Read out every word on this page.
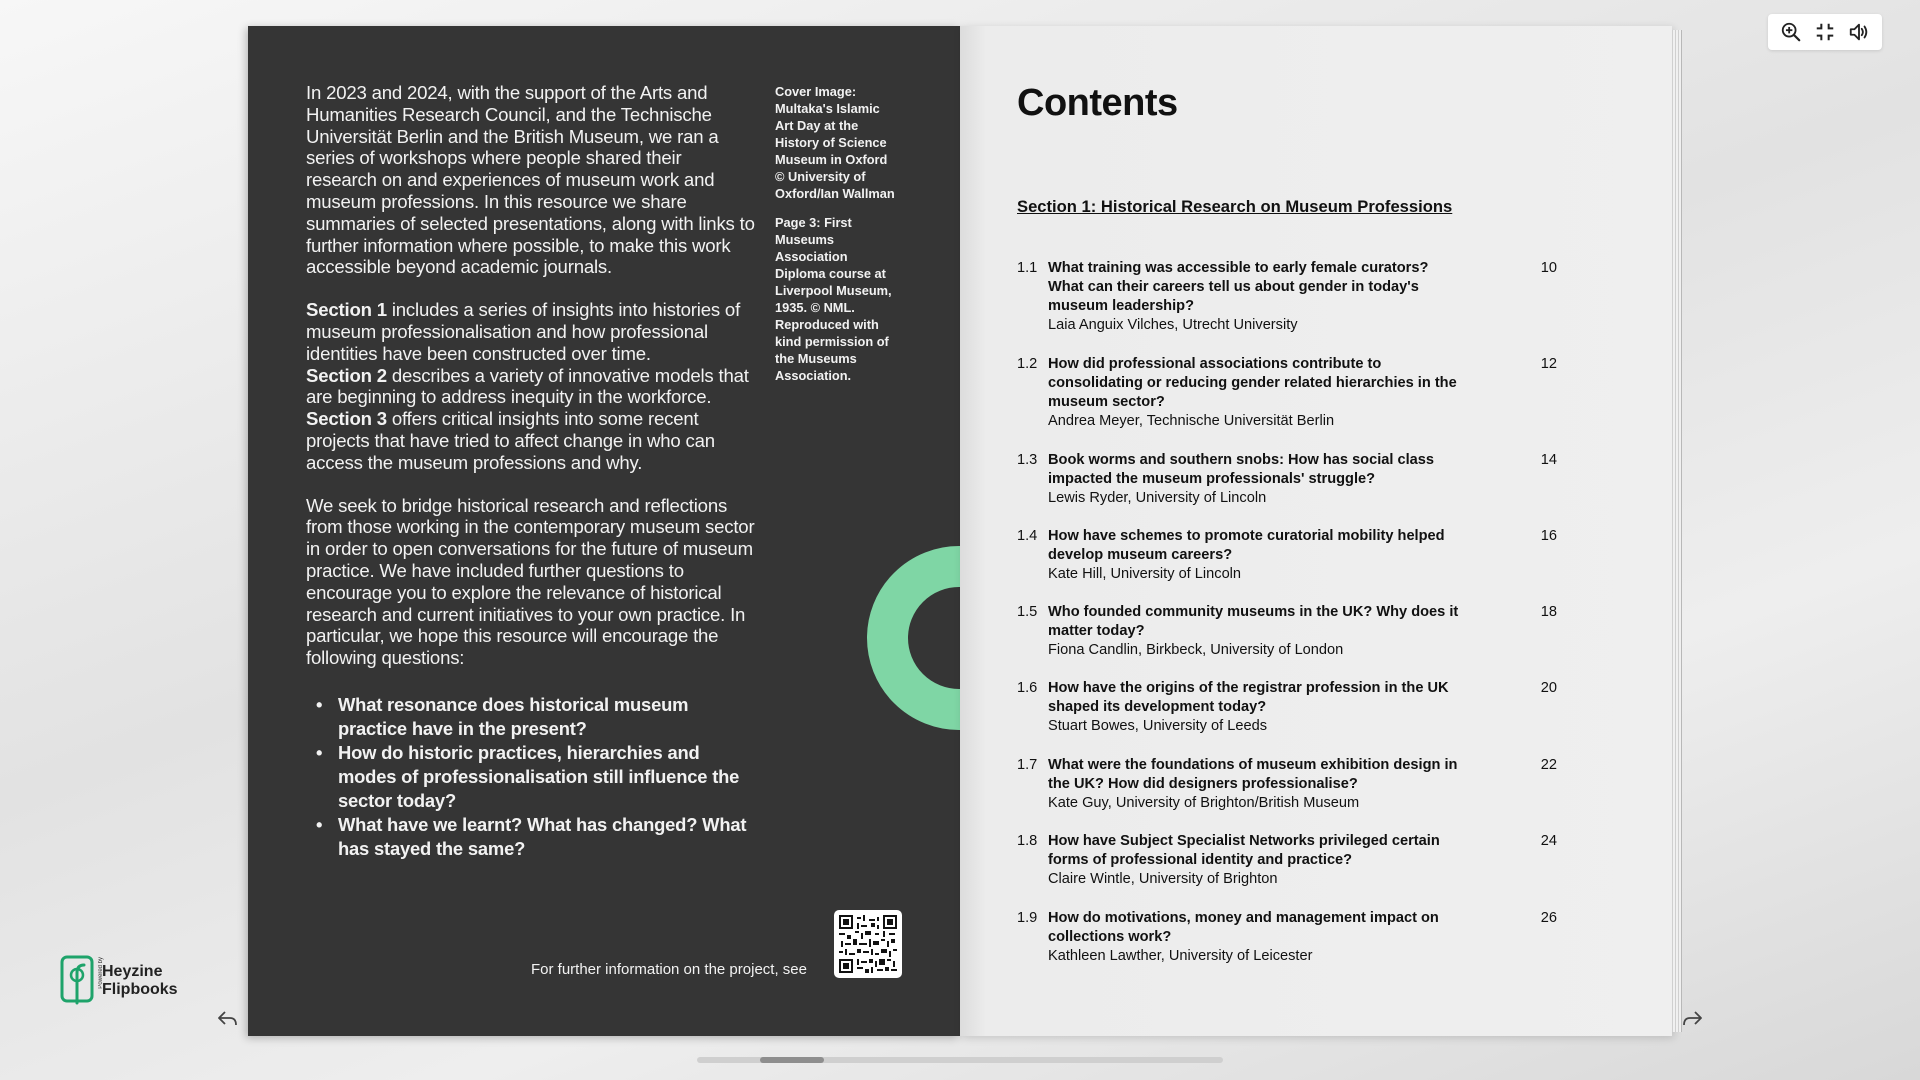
In 2023 and 2024, with the support of the Arts and Humanities Research Council, and the Technische Universität Berlin and the British Museum, we ran a series of workshops where people shared their research on and experiences of museum work and museum professions. In this resource we share summaries of selected presentations, along with links to further information where possible, to make this work accessible beyond academic journals.

Section 1 includes a series of insights into histories of museum professionalisation and how professional identities have been constructed over time.
Section 2 describes a variety of innovative models that are beginning to address inequity in the workforce.
Section 3 offers critical insights into some recent projects that have tried to affect change in who can access the museum professions and why.

We seek to bridge historical research and reflections from those working in the contemporary museum sector in order to open conversations for the future of museum practice. We have included further questions to encourage you to explore the relevance of historical research and current initiatives to your own practice. In particular, we hope this resource will encourage the following questions:

• What resonance does historical museum practice have in the present?
• How do historic practices, hierarchies and modes of professionalisation still influence the sector today?
• What have we learnt? What has changed? What has stayed the same?

Cover Image: Multaka's Islamic Art Day at the History of Science Museum in Oxford © University of Oxford/Ian Wallman

Page 3: First Museums Association Diploma course at Liverpool Museum, 1935. © NML. Reproduced with kind permission of the Museums Association.

For further information on the project, see
Contents
Section 1: Historical Research on Museum Professions
1.1 What training was accessible to early female curators? What can their careers tell us about gender in today's museum leadership?
Laia Anguix Vilches, Utrecht University
10
1.2 How did professional associations contribute to consolidating or reducing gender related hierarchies in the museum sector?
Andrea Meyer, Technische Universität Berlin
12
1.3 Book worms and southern snobs: How has social class impacted the museum professionals' struggle?
Lewis Ryder, University of Lincoln
14
1.4 How have schemes to promote curatorial mobility helped develop museum careers?
Kate Hill, University of Lincoln
16
1.5 Who founded community museums in the UK? Why does it matter today?
Fiona Candlin, Birkbeck, University of London
18
1.6 How have the origins of the registrar profession in the UK shaped its development today?
Stuart Bowes, University of Leeds
20
1.7 What were the foundations of museum exhibition design in the UK? How did designers professionalise?
Kate Guy, University of Brighton/British Museum
22
1.8 How have Subject Specialist Networks privileged certain forms of professional identity and practice?
Claire Wintle, University of Brighton
24
1.9 How do motivations, money and management impact on collections work?
Kathleen Lawther, University of Leicester
26
Powered by
Heyzine
Flipbooks
